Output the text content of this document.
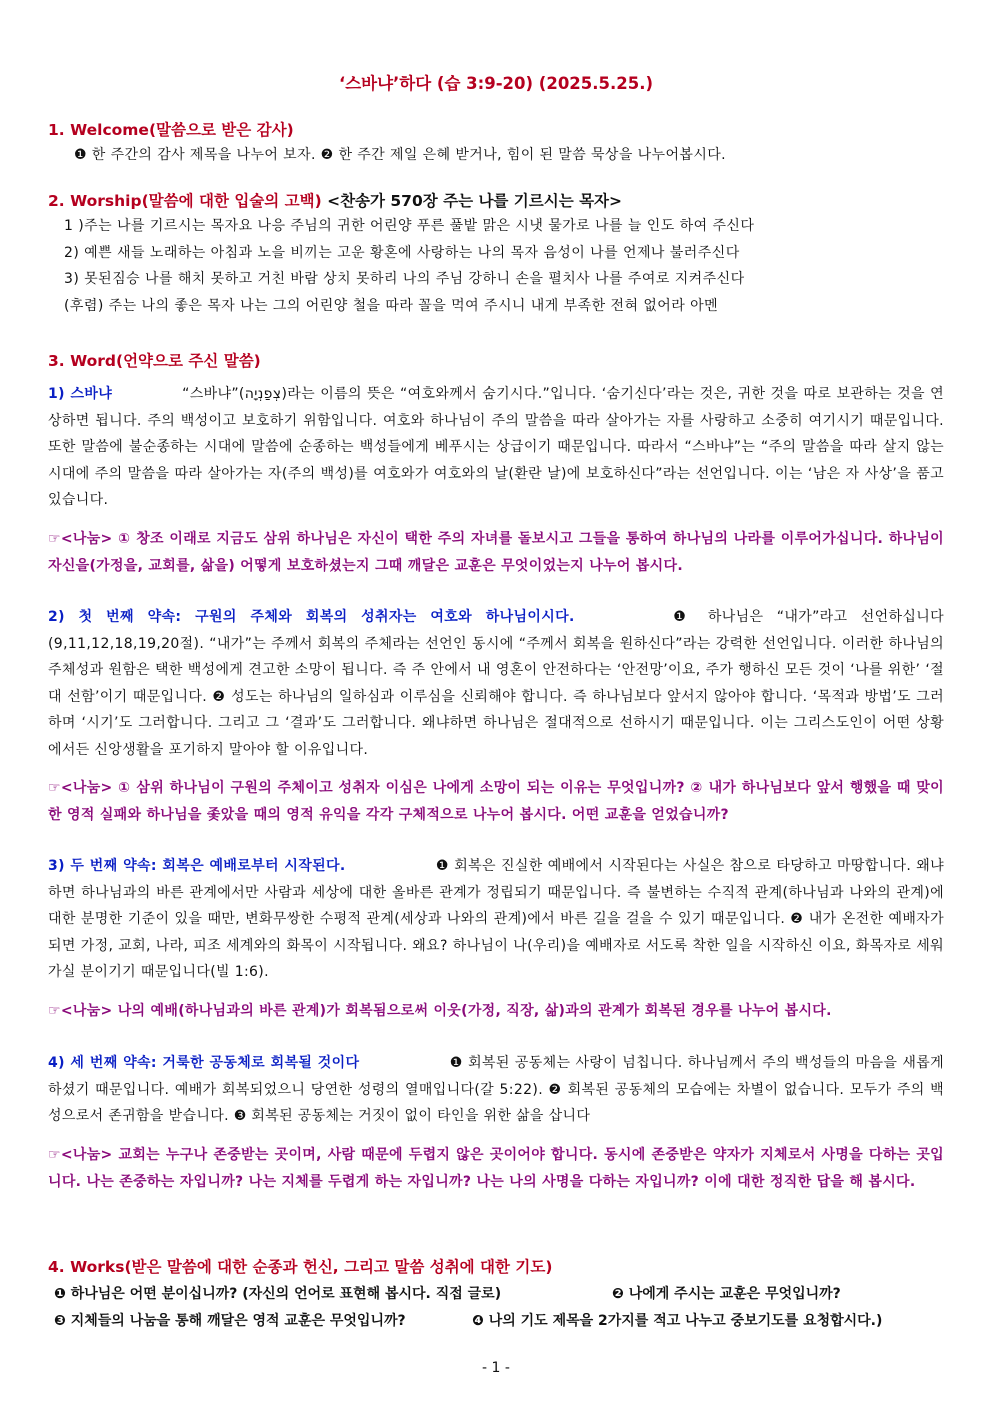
‘스바냐’하다 (습 3:9-20) (2025.5.25.)
1. Welcome(말씀으로 받은 감사)
❶ 한 주간의 감사 제목을 나누어 보자. ❷ 한 주간 제일 은혜 받거나, 힘이 된 말씀 묵상을 나누어봅시다.
2. Worship(말씀에 대한 입술의 고백) <찬송가 570장 주는 나를 기르시는 목자>
1 )주는 나를 기르시는 목자요 나응 주님의 귀한 어린양 푸른 풀밭 맑은 시냇 물가로 나를 늘 인도 하여 주신다
2) 예쁜 새들 노래하는 아침과 노을 비끼는 고운 황혼에 사랑하는 나의 목자 음성이 나를 언제나 불러주신다
3) 못된짐승 나를 해치 못하고 거친 바람 상치 못하리 나의 주님 강하니 손을 펼치사 나를 주여로 지켜주신다
(후렴) 주는 나의 좋은 목자 나는 그의 어린양 철을 따라 꼴을 먹여 주시니 내게 부족한 전혀 없어라 아멘
3. Word(언약으로 주신 말씀)
1) 스바냐	“스바냐”(צְפַנְיָה)라는 이름의 뜻은 “여호와께서 숨기시다.”입니다. ‘숨기신다’라는 것은, 귀한 것을 따로 보관하는 것을 연상하면 됩니다. 주의 백성이고 보호하기 위함입니다. 여호와 하나님이 주의 말씀을 따라 살아가는 자를 사랑하고 소중히 여기시기 때문입니다. 또한 말씀에 불순종하는 시대에 말씀에 순종하는 백성들에게 베푸시는 상급이기 때문입니다. 따라서 “스바냐”는 “주의 말씀을 따라 살지 않는 시대에 주의 말씀을 따라 살아가는 자(주의 백성)를 여호와가 여호와의 날(환란 날)에 보호하신다”라는 선언입니다. 이는 ‘남은 자 사상’을 품고 있습니다.
☞<나눔> ① 창조 이래로 지금도 삼위 하나님은 자신이 택한 주의 자녀를 돌보시고 그들을 통하여 하나님의 나라를 이루어가십니다. 하나님이 자신을(가정을, 교회를, 삶을) 어떻게 보호하셨는지 그때 깨달은 교훈은 무엇이었는지 나누어 봅시다.
2) 첫 번째 약속: 구원의 주체와 회복의 성취자는 여호와 하나님이시다.	❶ 하나님은 “내가”라고 선언하십니다(9,11,12,18,19,20절). “내가”는 주께서 회복의 주체라는 선언인 동시에 “주께서 회복을 원하신다”라는 강력한 선언입니다. 이러한 하나님의 주체성과 원함은 택한 백성에게 견고한 소망이 됩니다. 즉 주 안에서 내 영혼이 안전하다는 ‘안전망’이요, 주가 행하신 모든 것이 ‘나를 위한’ ‘절대 선함’이기 때문입니다. ❷ 성도는 하나님의 일하심과 이루심을 신뢰해야 합니다. 즉 하나님보다 앞서지 않아야 합니다. ‘목적과 방법’도 그러하며 ‘시기’도 그러합니다. 그리고 그 ‘결과’도 그러합니다. 왜냐하면 하나님은 절대적으로 선하시기 때문입니다. 이는 그리스도인이 어떤 상황에서든 신앙생활을 포기하지 말아야 할 이유입니다.
☞<나눔> ① 삼위 하나님이 구원의 주체이고 성취자 이심은 나에게 소망이 되는 이유는 무엇입니까? ② 내가 하나님보다 앞서 행했을 때 맞이한 영적 실패와 하나님을 좇았을 때의 영적 유익을 각각 구체적으로 나누어 봅시다. 어떤 교훈을 얻었습니까?
3) 두 번째 약속: 회복은 예배로부터 시작된다.	❶ 회복은 진실한 예배에서 시작된다는 사실은 참으로 타당하고 마땅합니다. 왜냐하면 하나님과의 바른 관계에서만 사람과 세상에 대한 올바른 관계가 정립되기 때문입니다. 즉 불변하는 수직적 관계(하나님과 나와의 관계)에 대한 분명한 기준이 있을 때만, 변화무쌍한 수평적 관계(세상과 나와의 관계)에서 바른 길을 걸을 수 있기 때문입니다. ❷ 내가 온전한 예배자가 되면 가정, 교회, 나라, 피조 세계와의 화목이 시작됩니다. 왜요? 하나님이 나(우리)을 예배자로 서도록 착한 일을 시작하신 이요, 화목자로 세워가실 분이기기 때문입니다(빌 1:6).
☞<나눔> 나의 예배(하나님과의 바른 관계)가 회복됨으로써 이웃(가정, 직장, 삶)과의 관계가 회복된 경우를 나누어 봅시다.
4) 세 번째 약속: 거룩한 공동체로 회복될 것이다	❶ 회복된 공동체는 사랑이 넘칩니다. 하나님께서 주의 백성들의 마음을 새롭게 하셨기 때문입니다. 예배가 회복되었으니 당연한 성령의 열매입니다(갈 5:22). ❷ 회복된 공동체의 모습에는 차별이 없습니다. 모두가 주의 백성으로서 존귀함을 받습니다. ❸ 회복된 공동체는 거짓이 없이 타인을 위한 삶을 삽니다
☞<나눔> 교회는 누구나 존중받는 곳이며, 사람 때문에 두렵지 않은 곳이어야 합니다. 동시에 존중받은 약자가 지체로서 사명을 다하는 곳입니다. 나는 존중하는 자입니까? 나는 지체를 두렵게 하는 자입니까? 나는 나의 사명을 다하는 자입니까? 이에 대한 정직한 답을 해 봅시다.
4. Works(받은 말씀에 대한 순종과 헌신, 그리고 말씀 성취에 대한 기도)
❶ 하나님은 어떤 분이십니까? (자신의 언어로 표현해 봅시다. 직접 글로)	❷ 나에게 주시는 교훈은 무엇입니까?
❸ 지체들의 나눔을 통해 깨달은 영적 교훈은 무엇입니까?	❹ 나의 기도 제목을 2가지를 적고 나누고 중보기도를 요청합시다.)
- 1 -
